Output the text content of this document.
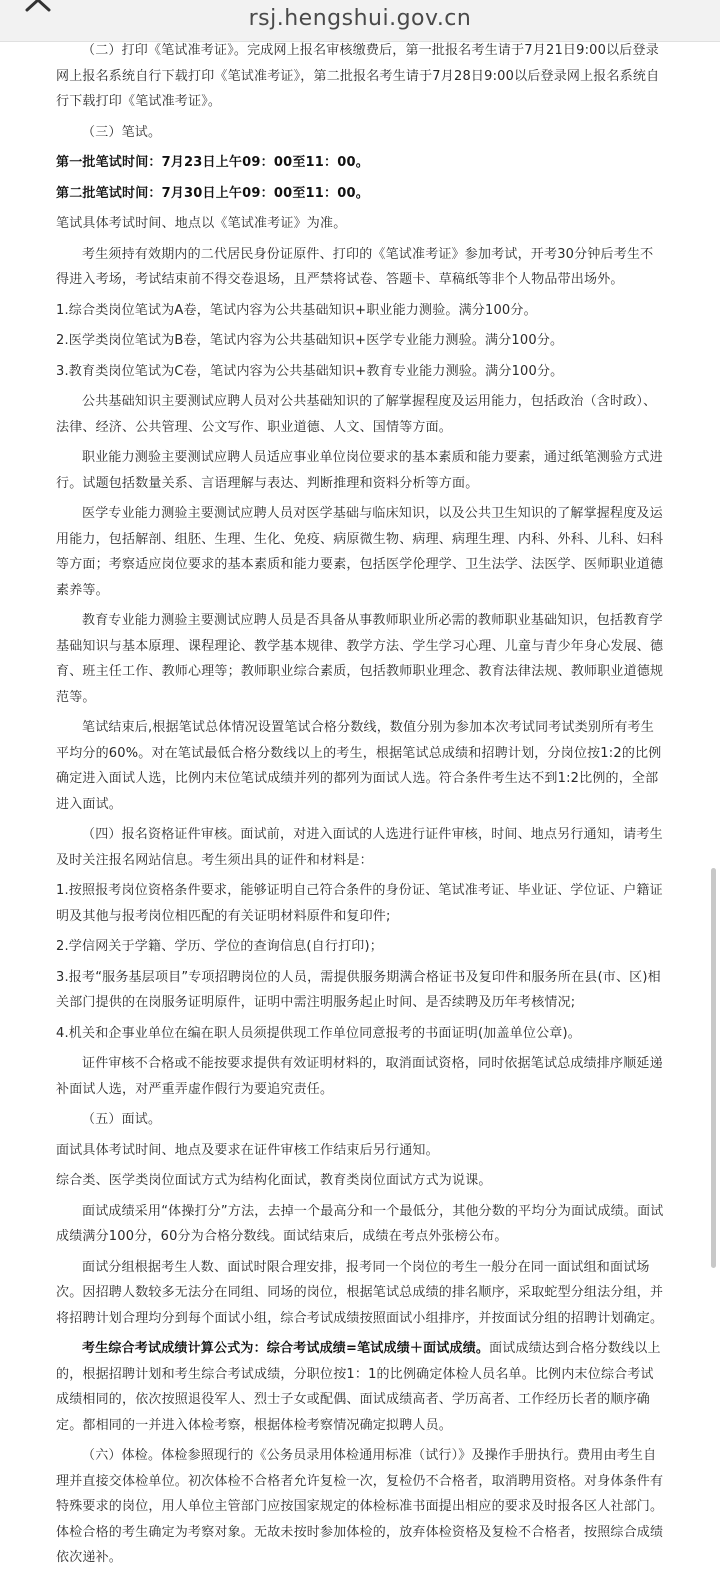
rsj.hengshui.gov.cn

（二）打印《笔试准考证》。完成网上报名审核缴费后，第一批报名考生请于7月21日9:00以后登录网上报名系统自行下载打印《笔试准考证》，第二批报名考生请于7月28日9:00以后登录网上报名系统自行下载打印《笔试准考证》。

（三）笔试。

第一批笔试时间：7月23日上午09：00至11：00。

第二批笔试时间：7月30日上午09：00至11：00。

笔试具体考试时间、地点以《笔试准考证》为准。

考生须持有效期内的二代居民身份证原件、打印的《笔试准考证》参加考试，开考30分钟后考生不得进入考场，考试结束前不得交卷退场，且严禁将试卷、答题卡、草稿纸等非个人物品带出场外。

1.综合类岗位笔试为A卷，笔试内容为公共基础知识+职业能力测验。满分100分。

2.医学类岗位笔试为B卷，笔试内容为公共基础知识+医学专业能力测验。满分100分。

3.教育类岗位笔试为C卷，笔试内容为公共基础知识+教育专业能力测验。满分100分。

公共基础知识主要测试应聘人员对公共基础知识的了解掌握程度及运用能力，包括政治（含时政）、法律、经济、公共管理、公文写作、职业道德、人文、国情等方面。

职业能力测验主要测试应聘人员适应事业单位岗位要求的基本素质和能力要素，通过纸笔测验方式进行。试题包括数量关系、言语理解与表达、判断推理和资料分析等方面。

医学专业能力测验主要测试应聘人员对医学基础与临床知识，以及公共卫生知识的了解掌握程度及运用能力，包括解剖、组胚、生理、生化、免疫、病原微生物、病理、病理生理、内科、外科、儿科、妇科等方面；考察适应岗位要求的基本素质和能力要素，包括医学伦理学、卫生法学、法医学、医师职业道德素养等。

教育专业能力测验主要测试应聘人员是否具备从事教师职业所必需的教师职业基础知识，包括教育学基础知识与基本原理、课程理论、教学基本规律、教学方法、学生学习心理、儿童与青少年身心发展、德育、班主任工作、教师心理等；教师职业综合素质，包括教师职业理念、教育法律法规、教师职业道德规范等。

笔试结束后,根据笔试总体情况设置笔试合格分数线，数值分别为参加本次考试同考试类别所有考生平均分的60%。对在笔试最低合格分数线以上的考生，根据笔试总成绩和招聘计划，分岗位按1:2的比例确定进入面试人选，比例内末位笔试成绩并列的都列为面试人选。符合条件考生达不到1:2比例的，全部进入面试。

（四）报名资格证件审核。面试前，对进入面试的人选进行证件审核，时间、地点另行通知，请考生及时关注报名网站信息。考生须出具的证件和材料是：

1.按照报考岗位资格条件要求，能够证明自己符合条件的身份证、笔试准考证、毕业证、学位证、户籍证明及其他与报考岗位相匹配的有关证明材料原件和复印件;

2.学信网关于学籍、学历、学位的查询信息(自行打印)；

3.报考“服务基层项目”专项招聘岗位的人员，需提供服务期满合格证书及复印件和服务所在县(市、区)相关部门提供的在岗服务证明原件，证明中需注明服务起止时间、是否续聘及历年考核情况;

4.机关和企事业单位在编在职人员须提供现工作单位同意报考的书面证明(加盖单位公章)。

证件审核不合格或不能按要求提供有效证明材料的，取消面试资格，同时依据笔试总成绩排序顺延递补面试人选，对严重弄虚作假行为要追究责任。

（五）面试。

面试具体考试时间、地点及要求在证件审核工作结束后另行通知。

综合类、医学类岗位面试方式为结构化面试，教育类岗位面试方式为说课。

面试成绩采用“体操打分”方法，去掉一个最高分和一个最低分，其他分数的平均分为面试成绩。面试成绩满分100分，60分为合格分数线。面试结束后，成绩在考点外张榜公布。

面试分组根据考生人数、面试时限合理安排，报考同一个岗位的考生一般分在同一面试组和面试场次。因招聘人数较多无法分在同组、同场的岗位，根据笔试总成绩的排名顺序，采取蛇型分组法分组，并将招聘计划合理均分到每个面试小组，综合考试成绩按照面试小组排序，并按面试分组的招聘计划确定。

考生综合考试成绩计算公式为：综合考试成绩=笔试成绩＋面试成绩。面试成绩达到合格分数线以上的，根据招聘计划和考生综合考试成绩，分职位按1：1的比例确定体检人员名单。比例内末位综合考试成绩相同的，依次按照退役军人、烈士子女或配偶、面试成绩高者、学历高者、工作经历长者的顺序确定。都相同的一并进入体检考察，根据体检考察情况确定拟聘人员。

（六）体检。体检参照现行的《公务员录用体检通用标准（试行）》及操作手册执行。费用由考生自理并直接交体检单位。初次体检不合格者允许复检一次，复检仍不合格者，取消聘用资格。对身体条件有特殊要求的岗位，用人单位主管部门应按国家规定的体检标准书面提出相应的要求及时报各区人社部门。体检合格的考生确定为考察对象。无故未按时参加体检的，放弃体检资格及复检不合格者，按照综合成绩依次递补。
